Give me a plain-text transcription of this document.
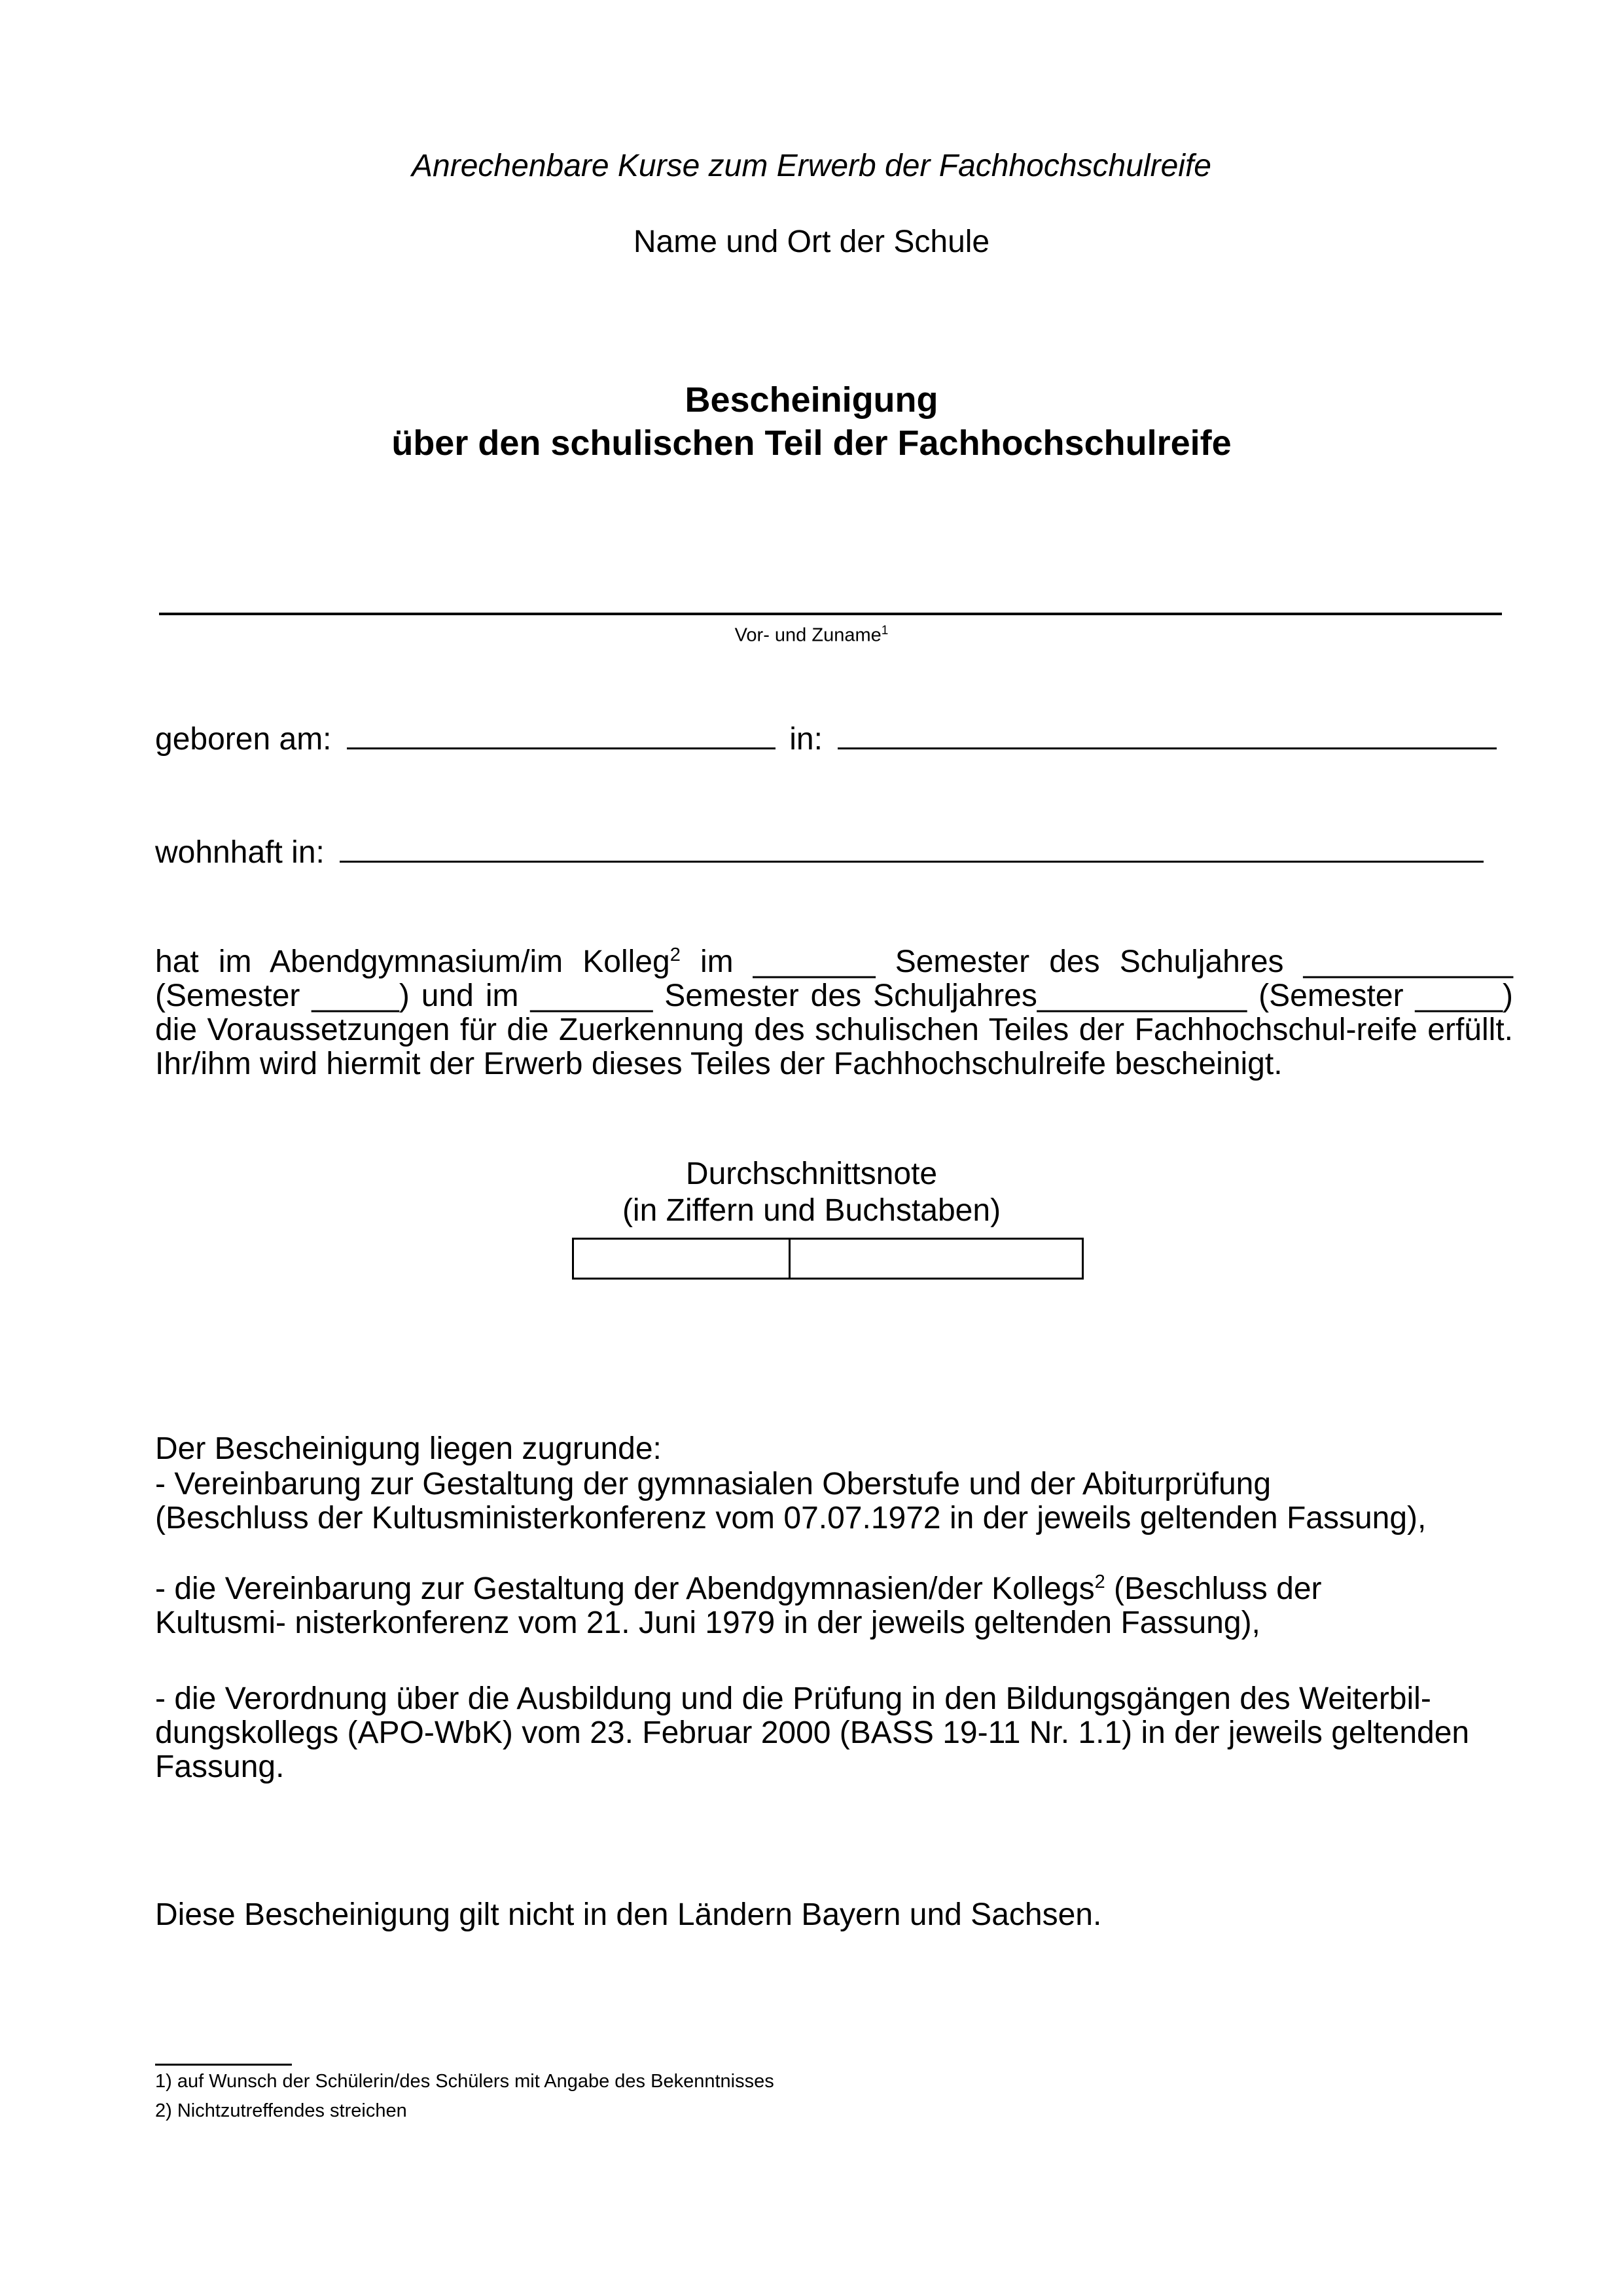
Anrechenbare Kurse zum Erwerb der Fachhochschulreife
Name und Ort der Schule
Bescheinigung
über den schulischen Teil der Fachhochschulreife
Vor- und Zuname$^1$
geboren am:	in:
wohnhaft in:
hat im Abendgymnasium/im Kolleg$^2$ im _______ Semester des Schuljahres ____________ (Semester _____) und im _______ Semester des Schuljahres____________ (Semester _____) die Voraussetzungen für die Zuerkennung des schulischen Teiles der Fachhochschul-reife erfüllt. Ihr/ihm wird hiermit der Erwerb dieses Teiles der Fachhochschulreife bescheinigt.
Durchschnittsnote
(in Ziffern und Buchstaben)
Der Bescheinigung liegen zugrunde:
- Vereinbarung zur Gestaltung der gymnasialen Oberstufe und der Abiturprüfung
(Beschluss der Kultusministerkonferenz vom 07.07.1972 in der jeweils geltenden Fassung),
- die Vereinbarung zur Gestaltung der Abendgymnasien/der Kollegs$^2$ (Beschluss der Kultusmi- nisterkonferenz vom 21. Juni 1979 in der jeweils geltenden Fassung),
- die Verordnung über die Ausbildung und die Prüfung in den Bildungsgängen des Weiterbil-dungskollegs (APO-WbK) vom 23. Februar 2000 (BASS 19-11 Nr. 1.1) in der jeweils geltenden Fassung.
Diese Bescheinigung gilt nicht in den Ländern Bayern und Sachsen.
1) auf Wunsch der Schülerin/des Schülers mit Angabe des Bekenntnisses
2) Nichtzutreffendes streichen
